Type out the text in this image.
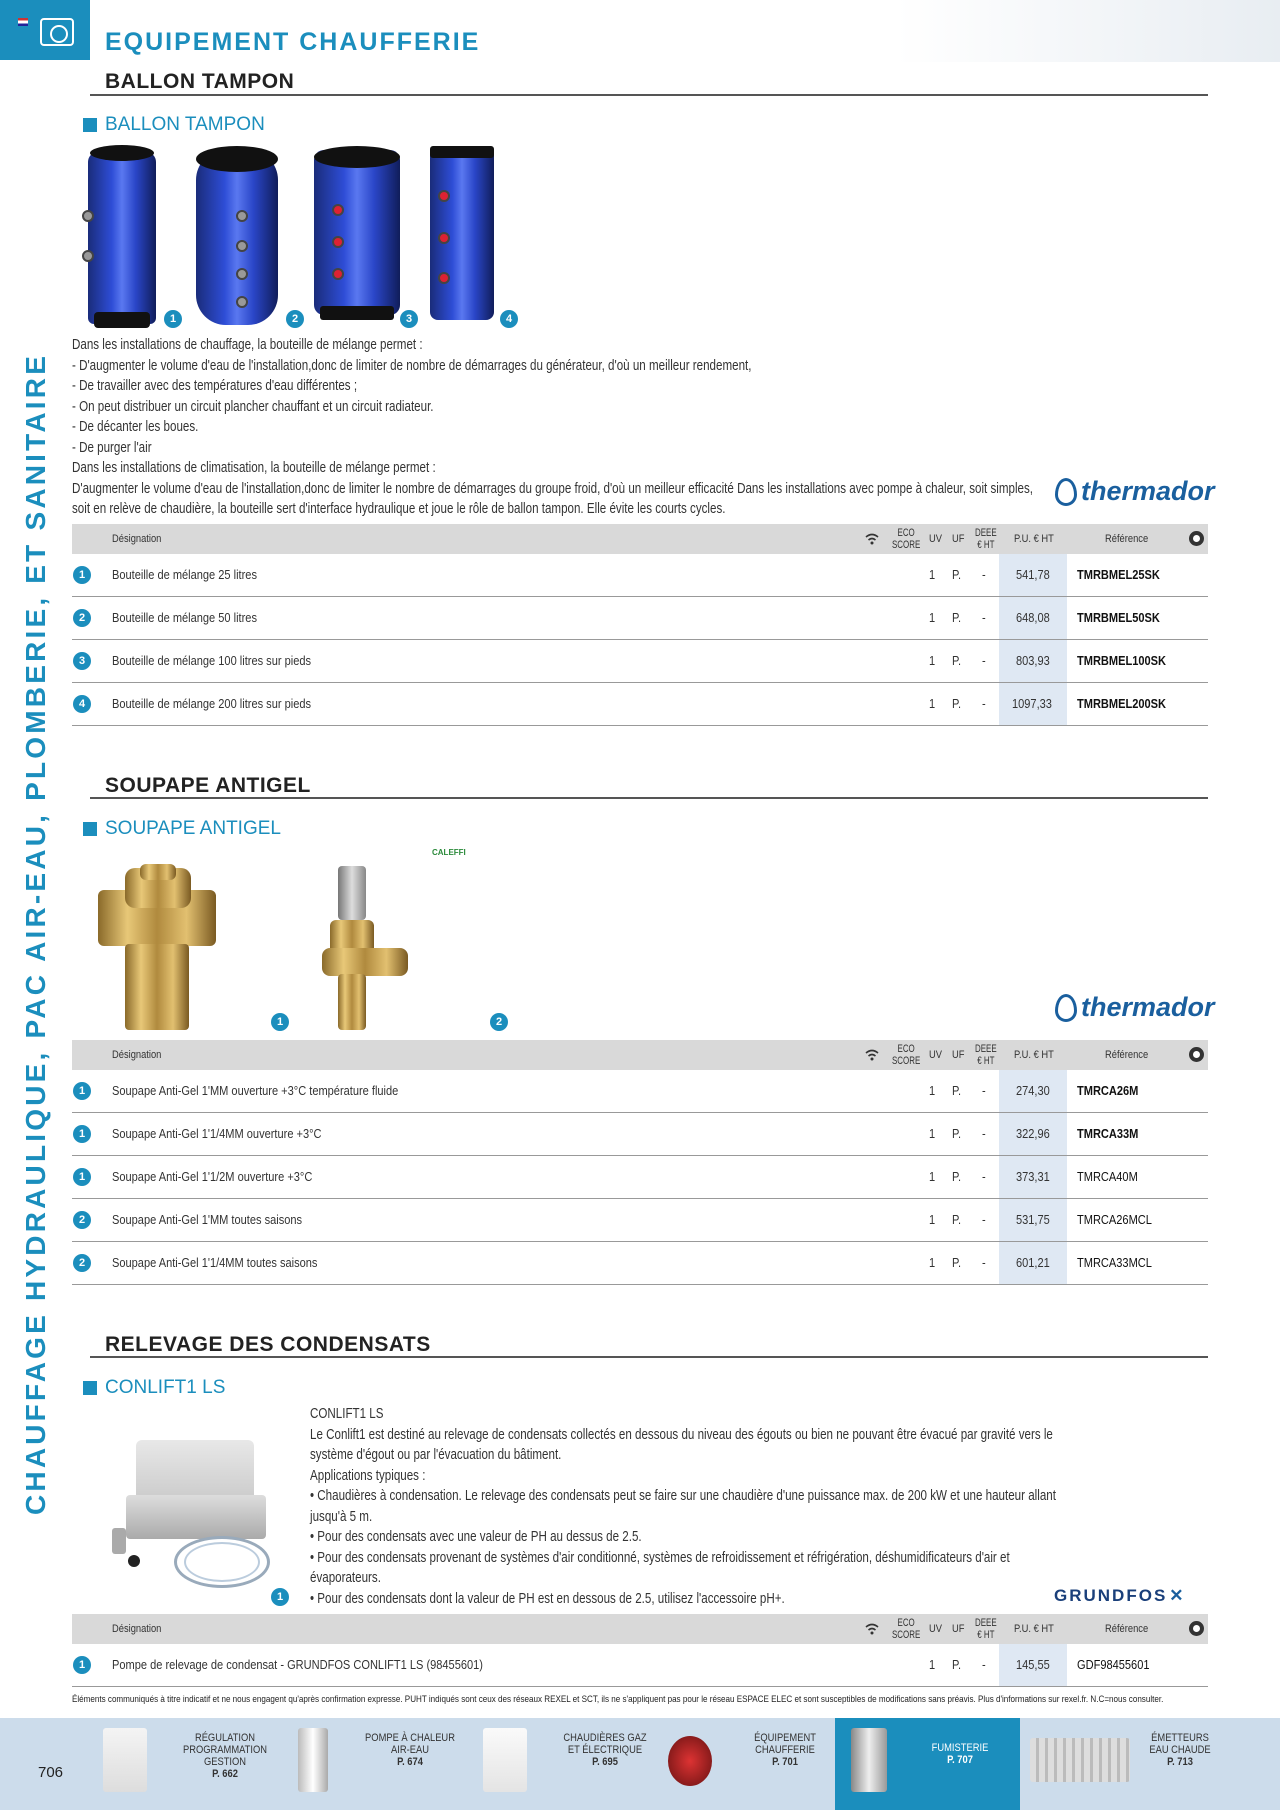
EQUIPEMENT CHAUFFERIE
CHAUFFAGE HYDRAULIQUE, PAC AIR-EAU, PLOMBERIE, ET SANITAIRE
BALLON TAMPON
BALLON TAMPON
1	2	3	4
Dans les installations de chauffage, la bouteille de mélange permet :
- D'augmenter le volume d'eau de l'installation,donc de limiter de nombre de démarrages du générateur, d'où un meilleur rendement,
- De travailler avec des températures d'eau différentes ;
- On peut distribuer un circuit plancher chauffant et un circuit radiateur.
- De décanter les boues.
- De purger l'air
Dans les installations de climatisation, la bouteille de mélange permet :
D'augmenter le volume d'eau de l'installation,donc de limiter le nombre de démarrages du groupe froid, d'où un meilleur efficacité Dans les installations avec pompe à chaleur, soit simples,
soit en relève de chaudière, la bouteille sert d'interface hydraulique et joue le rôle de ballon tampon. Elle évite les courts cycles.
thermador
Désignation	ECO
SCORE UV UF DEEE
€ HT P.U. € HT	Référence
1	Bouteille de mélange 25 litres	1 P. - 541,78 TMRBMEL25SK
2	Bouteille de mélange 50 litres	1 P. - 648,08 TMRBMEL50SK
3	Bouteille de mélange 100 litres sur pieds	1 P. - 803,93 TMRBMEL100SK
4	Bouteille de mélange 200 litres sur pieds	1 P. - 1097,33 TMRBMEL200SK
SOUPAPE ANTIGEL
SOUPAPE ANTIGEL
CALEFFI
1	2	thermador
Désignation	ECO
SCORE UV UF DEEE
€ HT P.U. € HT	Référence
1	Soupape Anti-Gel 1'MM ouverture +3°C température fluide	1 P. - 274,30 TMRCA26M
1	Soupape Anti-Gel 1'1/4MM ouverture +3°C	1 P. - 322,96 TMRCA33M
1	Soupape Anti-Gel 1'1/2M ouverture +3°C	1 P. - 373,31 TMRCA40M
2	Soupape Anti-Gel 1'MM toutes saisons	1 P. - 531,75 TMRCA26MCL
2	Soupape Anti-Gel 1'1/4MM toutes saisons	1 P. - 601,21 TMRCA33MCL
RELEVAGE DES CONDENSATS
CONLIFT1 LS
1
CONLIFT1 LS
Le Conlift1 est destiné au relevage de condensats collectés en dessous du niveau des égouts ou bien ne pouvant être évacué par gravité vers le
système d'égout ou par l'évacuation du bâtiment.
Applications typiques :
• Chaudières à condensation. Le relevage des condensats peut se faire sur une chaudière d'une puissance max. de 200 kW et une hauteur allant
jusqu'à 5 m.
• Pour des condensats avec une valeur de PH au dessus de 2.5.
• Pour des condensats provenant de systèmes d'air conditionné, systèmes de refroidissement et réfrigération, déshumidificateurs d'air et
évaporateurs.
• Pour des condensats dont la valeur de PH est en dessous de 2.5, utilisez l'accessoire pH+.	GRUNDFOS ✕
Désignation	ECO
SCORE UV UF DEEE
€ HT P.U. € HT	Référence
1	Pompe de relevage de condensat - GRUNDFOS CONLIFT1 LS (98455601)	1 P. - 145,55 GDF98455601
Éléments communiqués à titre indicatif et ne nous engagent qu'après confirmation expresse. PUHT indiqués sont ceux des réseaux REXEL et SCT, ils ne s'appliquent pas pour le réseau ESPACE ELEC et sont susceptibles de modifications sans préavis. Plus d'informations sur rexel.fr. N.C=nous consulter.
RÉGULATION
PROGRAMMATION
GESTION
P. 662
POMPE À CHALEUR
AIR-EAU
P. 674
CHAUDIÈRES GAZ
ET ÉLECTRIQUE
P. 695
ÉQUIPEMENT
CHAUFFERIE
P. 701
FUMISTERIE
P. 707
ÉMETTEURS
EAU CHAUDE
P. 713
706
